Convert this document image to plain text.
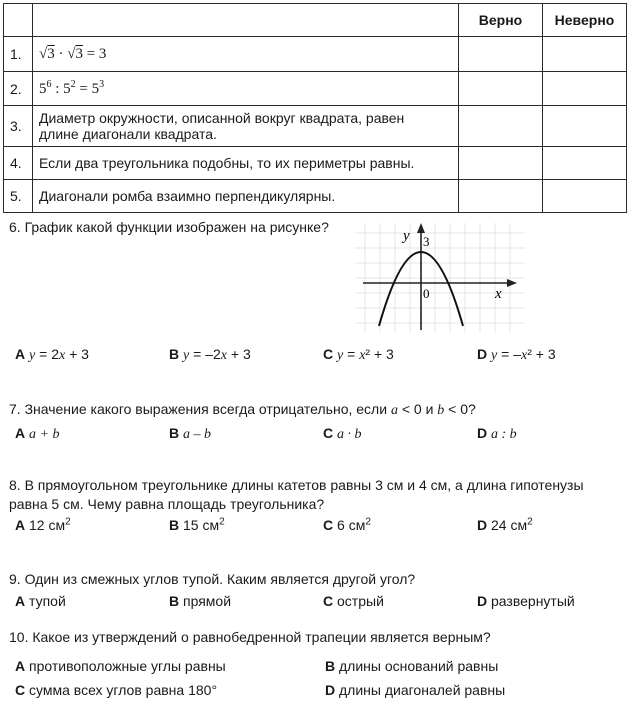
		Верно	Неверно
1.	√3 · √3 = 3		
2.	$5^6$ : $5^2 = 5^3$		
3.	Диаметр окружности, описанной вокруг квадрата, равен длине диагонали квадрата.		
4.	Если два треугольника подобны, то их периметры равны.		
5.	Диагонали ромба взаимно перпендикулярны.		
6. График какой функции изображен на рисунке?
y 3
0	x
A y = 2x + 3	B y = –2x + 3	C y = x² + 3	D y = –x² + 3
7. Значение какого выражения всегда отрицательно, если a < 0 и b < 0?
A a + b	B a – b	C a · b	D a : b
8. В прямоугольном треугольнике длины катетов равны 3 см и 4 см, а длина гипотенузы
равна 5 см. Чему равна площадь треугольника?
A 12 $см^2$	B 15 $см^2$	C 6 $см^2$	D 24 $см^2$
9. Один из смежных углов тупой. Каким является другой угол?
A тупой	B прямой	C острый	D развернутый
10. Какое из утверждений о равнобедренной трапеции является верным?
A противоположные углы равны	B длины оснований равны
C сумма всех углов равна 180°	D длины диагоналей равны
